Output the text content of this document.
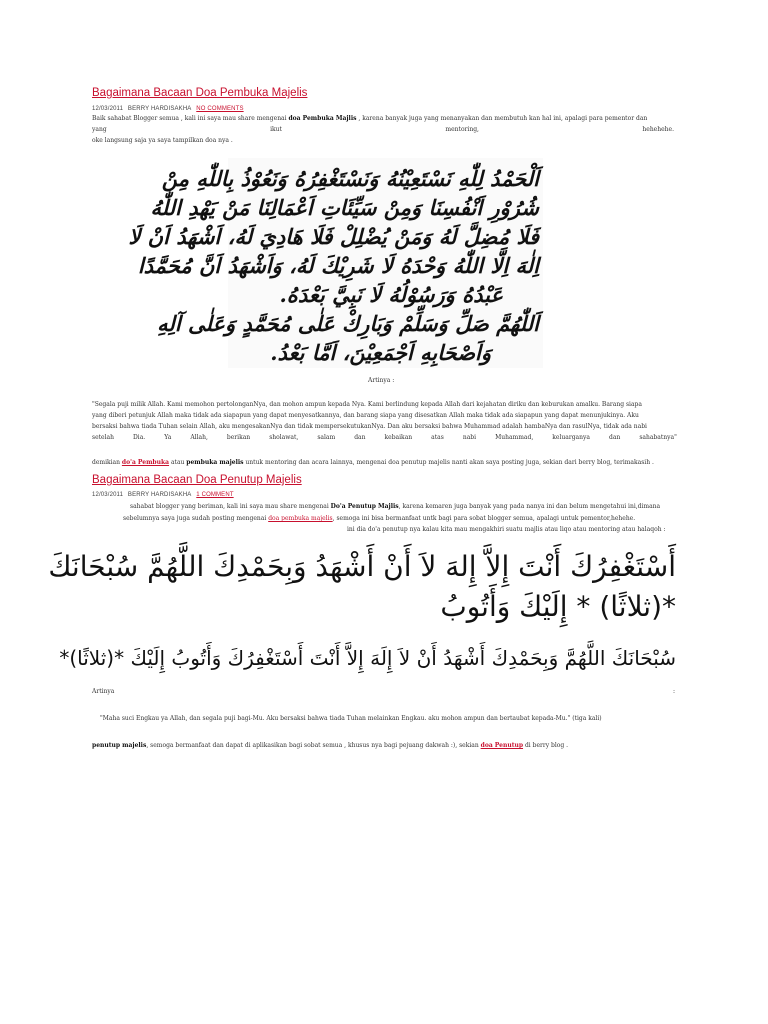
Bagaimana Bacaan Doa Pembuka Majelis
12/03/2011 BERRY HARDISAKHA NO COMMENTS
Baik sahabat Blogger semua , kali ini saya mau share mengenai doa Pembuka Majlis , karena banyak juga yang menanyakan dan membutuh kan hal ini, apalagi para pementor dan
yang	ikut	mentoring,	hehehehe.
oke langsung saja ya saya tampilkan doa nya .
اَلْحَمْدُ لِلّٰهِ نَسْتَعِيْنُهُ وَنَسْتَغْفِرُهُ وَنَعُوْذُ بِاللّٰهِ مِنْ
شُرُوْرِ اَنْفُسِنَا وَمِنْ سَيِّئَاتِ اَعْمَالِنَا مَنْ يَهْدِ اللّٰهُ
فَلَا مُضِلَّ لَهُ وَمَنْ يُضْلِلْ فَلَا هَادِيَ لَهُ، اَشْهَدُ اَنْ لَا
اِلٰهَ اِلَّا اللّٰهُ وَحْدَهُ لَا شَرِيْكَ لَهُ، وَاَشْهَدُ اَنَّ مُحَمَّدًا
عَبْدُهُ وَرَسُوْلُهُ لَا نَبِيَّ بَعْدَهُ.
اَللّٰهُمَّ صَلِّ وَسَلِّمْ وَبَارِكْ عَلٰى مُحَمَّدٍ وَعَلٰى آلِهِ
وَاَصْحَابِهِ اَجْمَعِيْنَ، اَمَّا بَعْدُ.
Artinya :
"Segala puji milik Allah. Kami memohon pertolonganNya, dan mohon ampun kepada Nya. Kami berlindung kepada Allah dari kejahatan diriku dan keburukan amalku. Barang siapa
yang diberi petunjuk Allah maka tidak ada siapapun yang dapat menyesatkannya, dan barang siapa yang disesatkan Allah maka tidak ada siapapun yang dapat menunjukinya. Aku
bersaksi bahwa tiada Tuhan selain Allah, aku mengesakanNya dan tidak mempersekutukanNya. Dan aku bersaksi bahwa Muhammad adalah hambaNya dan rasulNya, tidak ada nabi
setelah	Dia.	Ya	Allah,	berikan	sholawat,	salam	dan	kebaikan	atas	nabi	Muhammad,	keluarganya	dan	sahabatnya"
demikian do'a Pembuka atau pembuka majelis untuk mentoring dan acara lainnya, mengenai doa penutup majelis nanti akan saya posting juga, sekian dari berry blog, terimakasih .
Bagaimana Bacaan Doa Penutup Majelis
12/03/2011 BERRY HARDISAKHA 1 COMMENT
sahabat blogger yang beriman, kali ini saya mau share mengenai Do'a Penutup Majlis, karena kemaren juga banyak yang pada nanya ini dan belum mengetahui ini,dimana
sebelumnya saya juga sudah posting mengenai doa pembuka majelis, semoga ini bisa bermanfaat untk bagi para sobat blogger semua, apalagi untuk pementor,hehehe.
ini dia do'a penutup nya kalau kita mau mengakhiri suatu majlis atau liqo atau mentoring atau halaqoh :
أَسْتَغْفِرُكَ أَنْتَ إِلاَّ إِلهَ لاَ أَنْ أَشْهَدُ وَبِحَمْدِكَ اللَّهُمَّ سُبْحَانَكَ
*(ثلاثًا) * إِلَيْكَ وَأَتُوبُ
سُبْحَانَكَ اللَّهُمَّ وَبِحَمْدِكَ أَشْهَدُ أَنْ لاَ إِلَهَ إِلاَّ أَنْتَ أَسْتَغْفِرُكَ وَأَتُوبُ إِلَيْكَ *(ثلاثًا)*
Artinya	:
"Maha suci Engkau ya Allah, dan segala puji bagi-Mu. Aku bersaksi bahwa tiada Tuhan melainkan Engkau. aku mohon ampun dan bertaubat kepada-Mu." (tiga kali)
penutup majelis, semoga bermanfaat dan dapat di aplikasikan bagi sobat semua , khusus nya bagi pejuang dakwah :), sekian doa Penutup di berry blog .
